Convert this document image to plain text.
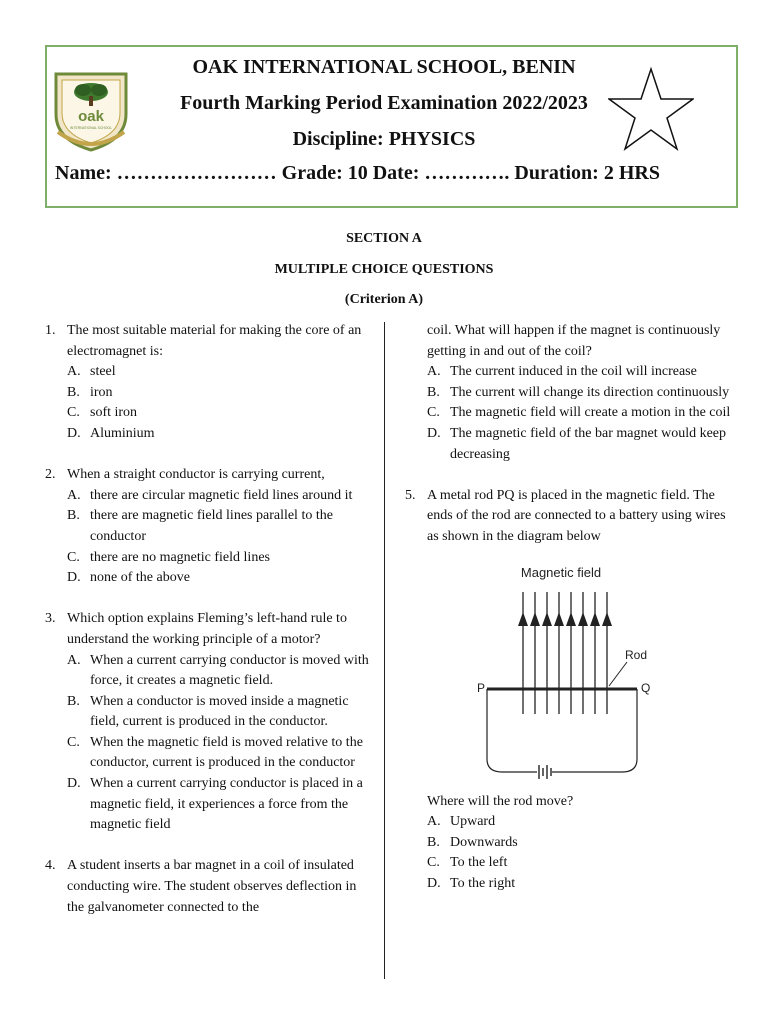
oak
INTERNATIONAL SCHOOL
OAK INTERNATIONAL SCHOOL, BENIN
Fourth Marking Period Examination 2022/2023
Discipline: PHYSICS
Name: …………………… Grade: 10 Date: …………. Duration: 2 HRS
SECTION A
MULTIPLE CHOICE QUESTIONS
(Criterion A)
1. The most suitable material for making the core of an electromagnet is:
A. steel
B. iron
C. soft iron
D. Aluminium
2. When a straight conductor is carrying current,
A. there are circular magnetic field lines around it
B. there are magnetic field lines parallel to the conductor
C. there are no magnetic field lines
D. none of the above
3. Which option explains Fleming’s left-hand rule to understand the working principle of a motor?
A. When a current carrying conductor is moved with force, it creates a magnetic field.
B. When a conductor is moved inside a magnetic field, current is produced in the conductor.
C. When the magnetic field is moved relative to the conductor, current is produced in the conductor
D. When a current carrying conductor is placed in a magnetic field, it experiences a force from the magnetic field
4. A student inserts a bar magnet in a coil of insulated conducting wire. The student observes deflection in the galvanometer connected to the
coil. What will happen if the magnet is continuously getting in and out of the coil?
A. The current induced in the coil will increase
B. The current will change its direction continuously
C. The magnetic field will create a motion in the coil
D. The magnetic field of the bar magnet would keep decreasing
5. A metal rod PQ is placed in the magnetic field. The ends of the rod are connected to a battery using wires as shown in the diagram below
Magnetic field
Rod
P	Q
Where will the rod move?
A. Upward
B. Downwards
C. To the left
D. To the right
